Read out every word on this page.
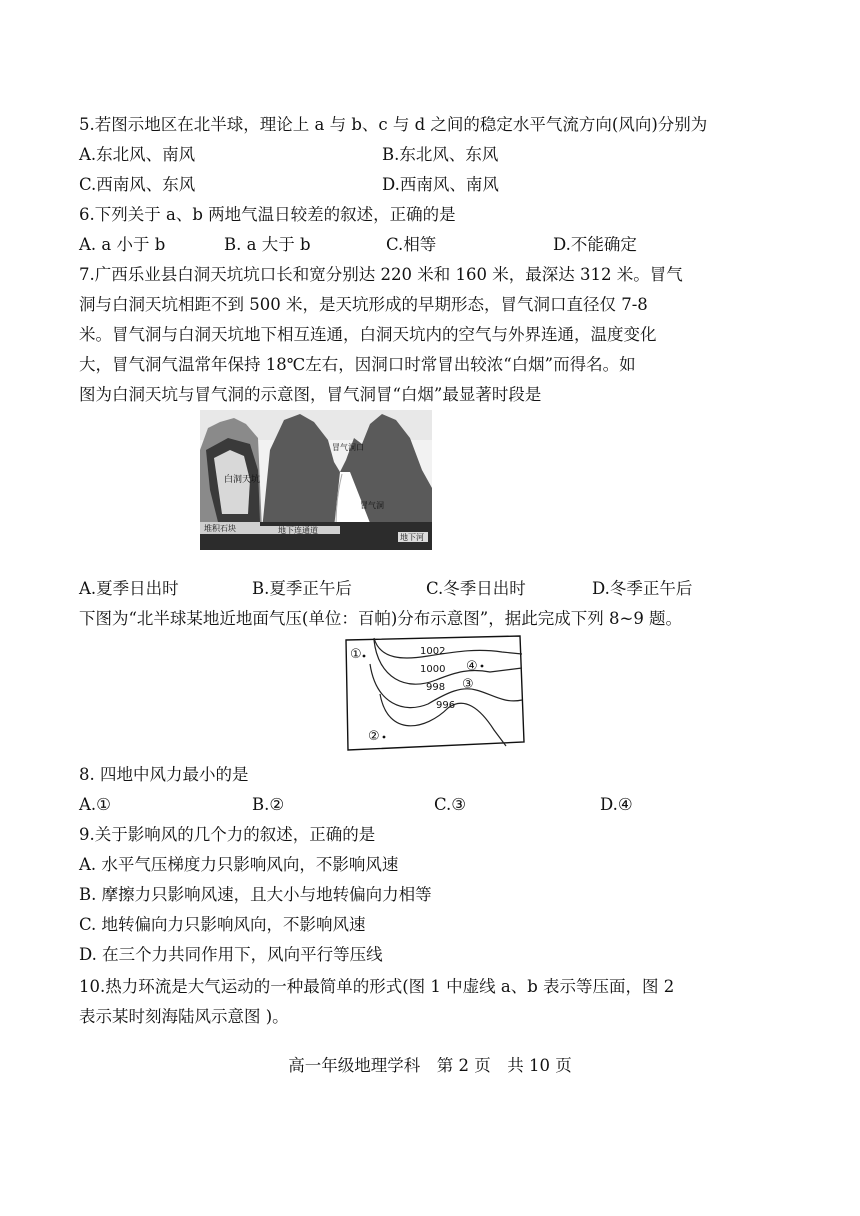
5.若图示地区在北半球，理论上 a 与 b、c 与 d 之间的稳定水平气流方向(风向)分别为
A.东北风、南风	B.东北风、东风
C.西南风、东风	D.西南风、南风
6.下列关于 a、b 两地气温日较差的叙述，正确的是
A. a 小于 b	B. a 大于 b	C.相等	D.不能确定
7.广西乐业县白洞天坑坑口长和宽分别达 220 米和 160 米，最深达 312 米。冒气
洞与白洞天坑相距不到 500 米，是天坑形成的早期形态，冒气洞口直径仅 7-8
米。冒气洞与白洞天坑地下相互连通，白洞天坑内的空气与外界连通，温度变化
大，冒气洞气温常年保持 18℃左右，因洞口时常冒出较浓“白烟”而得名。如
图为白洞天坑与冒气洞的示意图，冒气洞冒“白烟”最显著时段是
白洞天坑
冒气洞口
冒气洞
堆积石块	地下连通道
地下河
A.夏季日出时	B.夏季正午后	C.冬季日出时	D.冬季正午后
下图为“北半球某地近地面气压(单位：百帕)分布示意图”，据此完成下列 8~9 题。
1002
1000
998
996
①
④
③
②
8. 四地中风力最小的是
A.①	B.②	C.③	D.④
9.关于影响风的几个力的叙述，正确的是
A. 水平气压梯度力只影响风向，不影响风速
B. 摩擦力只影响风速，且大小与地转偏向力相等
C. 地转偏向力只影响风向，不影响风速
D. 在三个力共同作用下，风向平行等压线
10.热力环流是大气运动的一种最简单的形式(图 1 中虚线 a、b 表示等压面，图 2
表示某时刻海陆风示意图 )。
高一年级地理学科　第 2 页　共 10 页
